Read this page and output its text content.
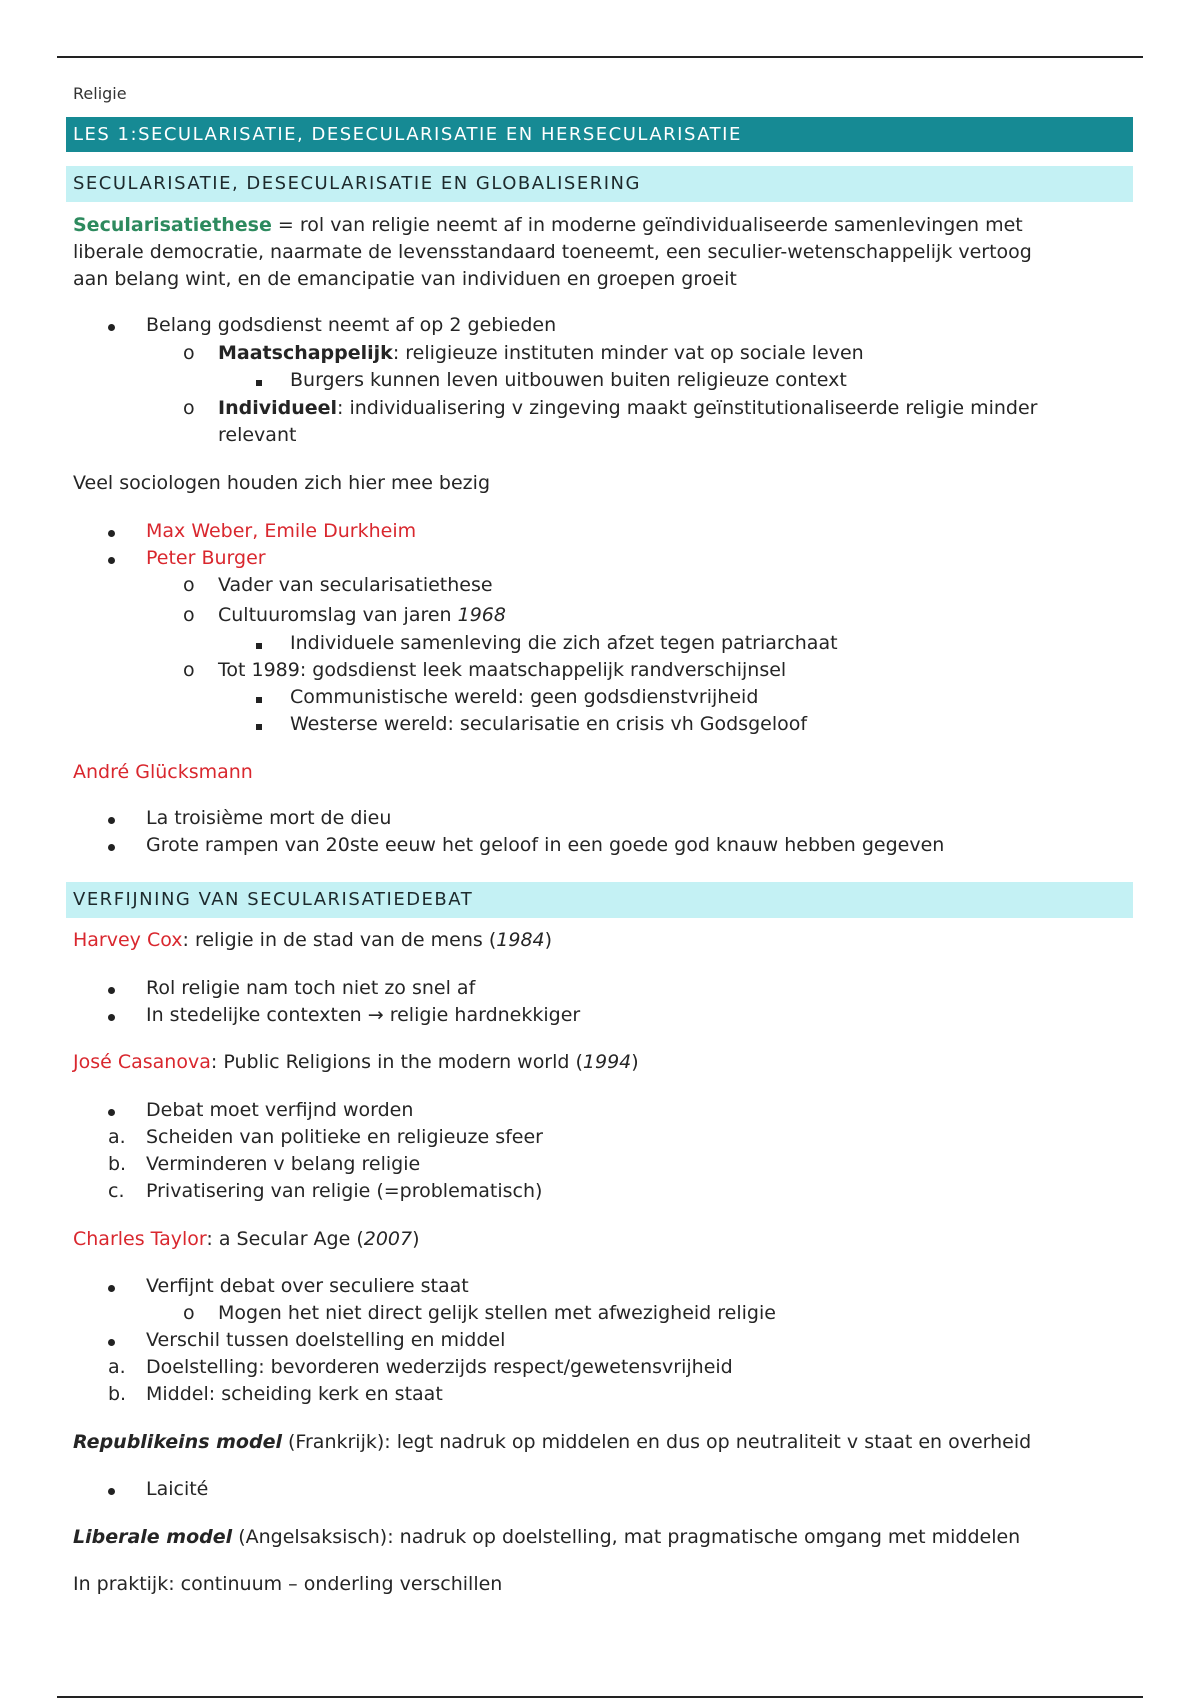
Religie
LES 1:SECULARISATIE, DESECULARISATIE EN HERSECULARISATIE
SECULARISATIE, DESECULARISATIE EN GLOBALISERING
Secularisatiethese = rol van religie neemt af in moderne geïndividualiseerde samenlevingen met
liberale democratie, naarmate de levensstandaard toeneemt, een seculier-wetenschappelijk vertoog
aan belang wint, en de emancipatie van individuen en groepen groeit
Belang godsdienst neemt af op 2 gebieden
o Maatschappelijk: religieuze instituten minder vat op sociale leven
Burgers kunnen leven uitbouwen buiten religieuze context
o Individueel: individualisering v zingeving maakt geïnstitutionaliseerde religie minder
relevant
Veel sociologen houden zich hier mee bezig
Max Weber, Emile Durkheim
Peter Burger
o Vader van secularisatiethese
o Cultuuromslag van jaren 1968
Individuele samenleving die zich afzet tegen patriarchaat
o Tot 1989: godsdienst leek maatschappelijk randverschijnsel
Communistische wereld: geen godsdienstvrijheid
Westerse wereld: secularisatie en crisis vh Godsgeloof
André Glücksmann
La troisième mort de dieu
Grote rampen van 20ste eeuw het geloof in een goede god knauw hebben gegeven
VERFIJNING VAN SECULARISATIEDEBAT
Harvey Cox: religie in de stad van de mens (1984)
Rol religie nam toch niet zo snel af
In stedelijke contexten → religie hardnekkiger
José Casanova: Public Religions in the modern world (1994)
Debat moet verfijnd worden
a. Scheiden van politieke en religieuze sfeer
b. Verminderen v belang religie
c. Privatisering van religie (=problematisch)
Charles Taylor: a Secular Age (2007)
Verfijnt debat over seculiere staat
o Mogen het niet direct gelijk stellen met afwezigheid religie
Verschil tussen doelstelling en middel
a. Doelstelling: bevorderen wederzijds respect/gewetensvrijheid
b. Middel: scheiding kerk en staat
Republikeins model (Frankrijk): legt nadruk op middelen en dus op neutraliteit v staat en overheid
Laicité
Liberale model (Angelsaksisch): nadruk op doelstelling, mat pragmatische omgang met middelen
In praktijk: continuum – onderling verschillen
